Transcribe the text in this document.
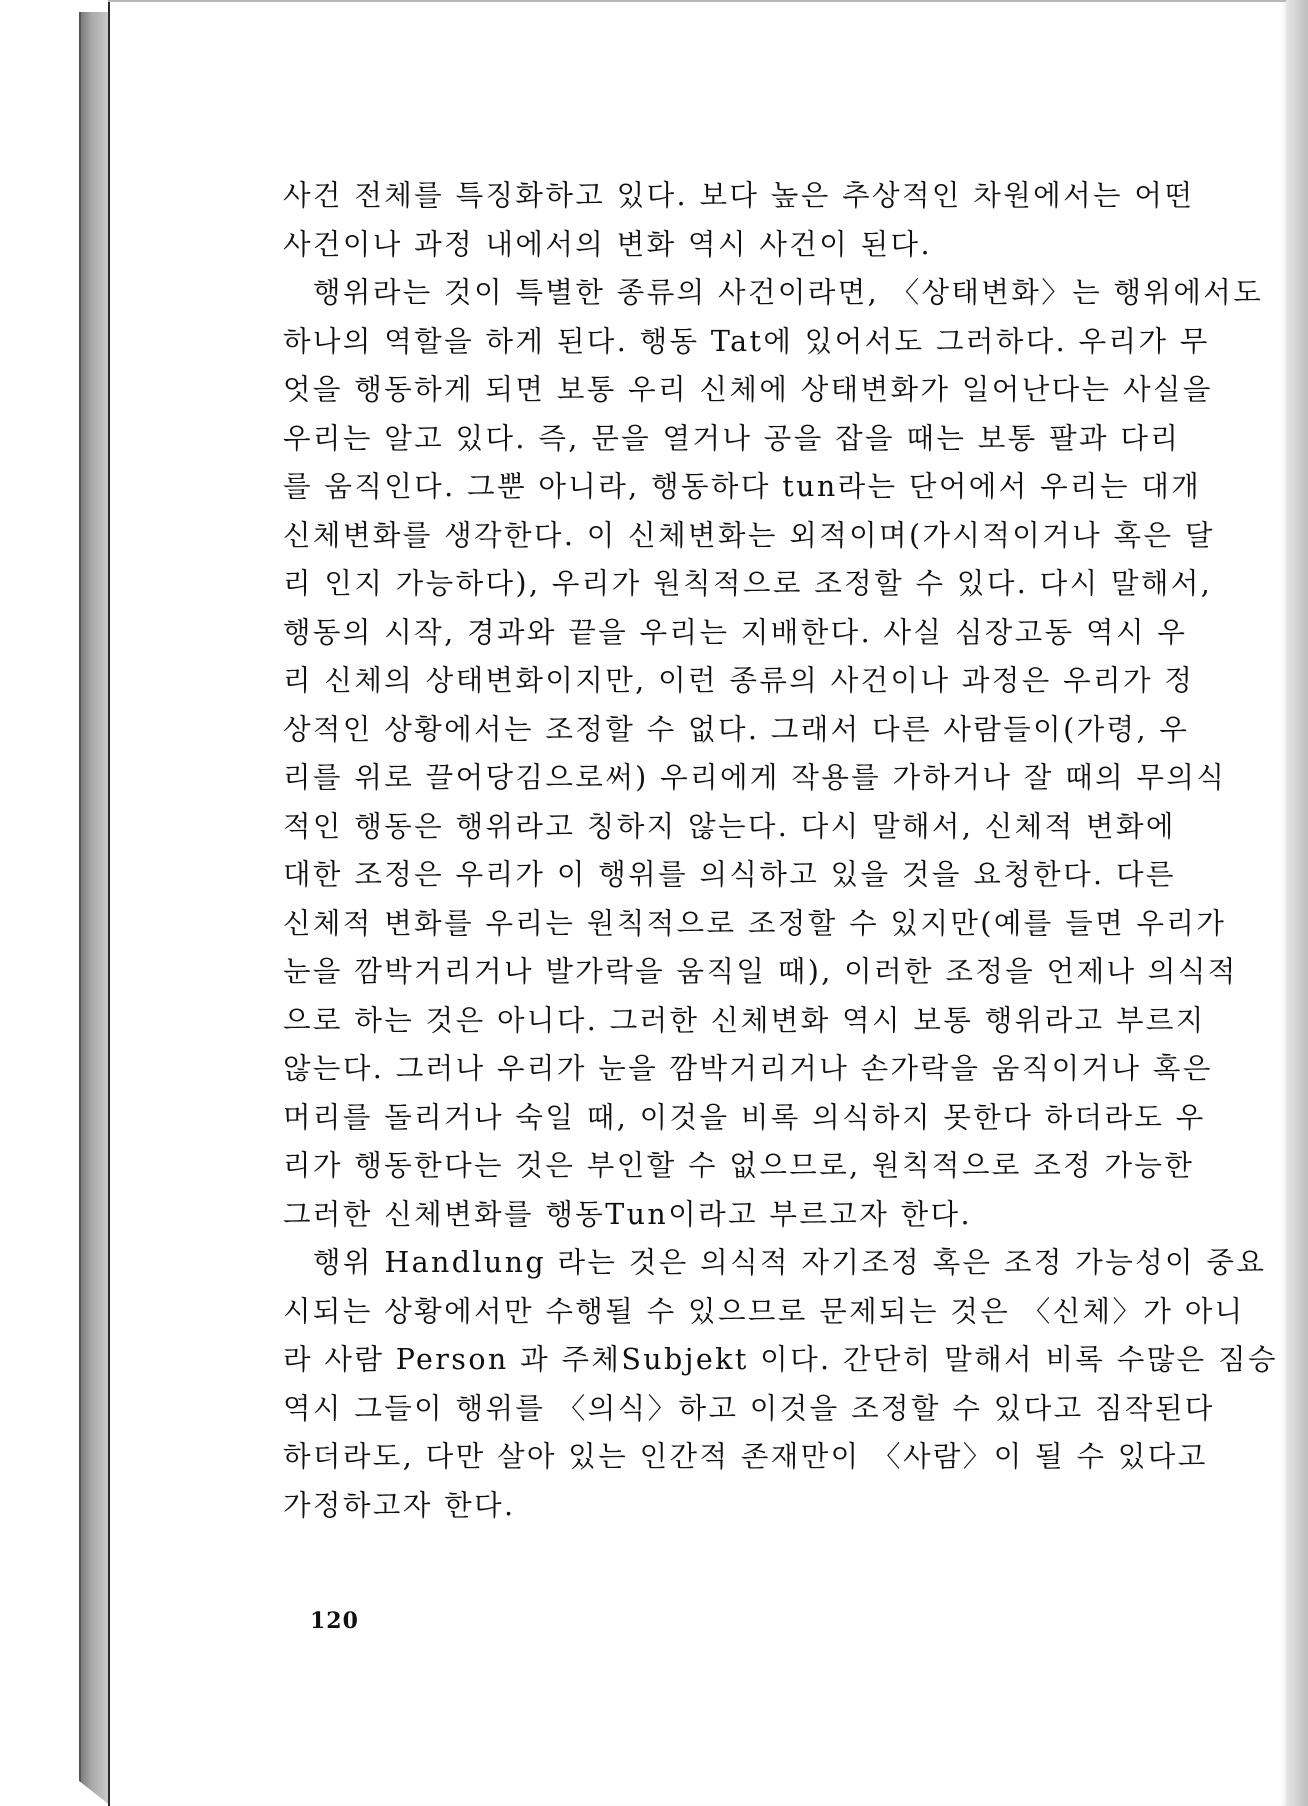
사건 전체를 특징화하고 있다. 보다 높은 추상적인 차원에서는 어떤
사건이나 과정 내에서의 변화 역시 사건이 된다.
행위라는 것이 특별한 종류의 사건이라면, 〈상태변화〉는 행위에서도
하나의 역할을 하게 된다. 행동 Tat에 있어서도 그러하다. 우리가 무
엇을 행동하게 되면 보통 우리 신체에 상태변화가 일어난다는 사실을
우리는 알고 있다. 즉, 문을 열거나 공을 잡을 때는 보통 팔과 다리
를 움직인다. 그뿐 아니라, 행동하다 tun라는 단어에서 우리는 대개
신체변화를 생각한다. 이 신체변화는 외적이며(가시적이거나 혹은 달
리 인지 가능하다), 우리가 원칙적으로 조정할 수 있다. 다시 말해서,
행동의 시작, 경과와 끝을 우리는 지배한다. 사실 심장고동 역시 우
리 신체의 상태변화이지만, 이런 종류의 사건이나 과정은 우리가 정
상적인 상황에서는 조정할 수 없다. 그래서 다른 사람들이(가령, 우
리를 위로 끌어당김으로써) 우리에게 작용를 가하거나 잘 때의 무의식
적인 행동은 행위라고 칭하지 않는다. 다시 말해서, 신체적 변화에
대한 조정은 우리가 이 행위를 의식하고 있을 것을 요청한다. 다른
신체적 변화를 우리는 원칙적으로 조정할 수 있지만(예를 들면 우리가
눈을 깜박거리거나 발가락을 움직일 때), 이러한 조정을 언제나 의식적
으로 하는 것은 아니다. 그러한 신체변화 역시 보통 행위라고 부르지
않는다. 그러나 우리가 눈을 깜박거리거나 손가락을 움직이거나 혹은
머리를 돌리거나 숙일 때, 이것을 비록 의식하지 못한다 하더라도 우
리가 행동한다는 것은 부인할 수 없으므로, 원칙적으로 조정 가능한
그러한 신체변화를 행동Tun이라고 부르고자 한다.
행위 Handlung 라는 것은 의식적 자기조정 혹은 조정 가능성이 중요
시되는 상황에서만 수행될 수 있으므로 문제되는 것은 〈신체〉가 아니
라 사람 Person 과 주체Subjekt 이다. 간단히 말해서 비록 수많은 짐승
역시 그들이 행위를 〈의식〉하고 이것을 조정할 수 있다고 짐작된다
하더라도, 다만 살아 있는 인간적 존재만이 〈사람〉이 될 수 있다고
가정하고자 한다.
120
